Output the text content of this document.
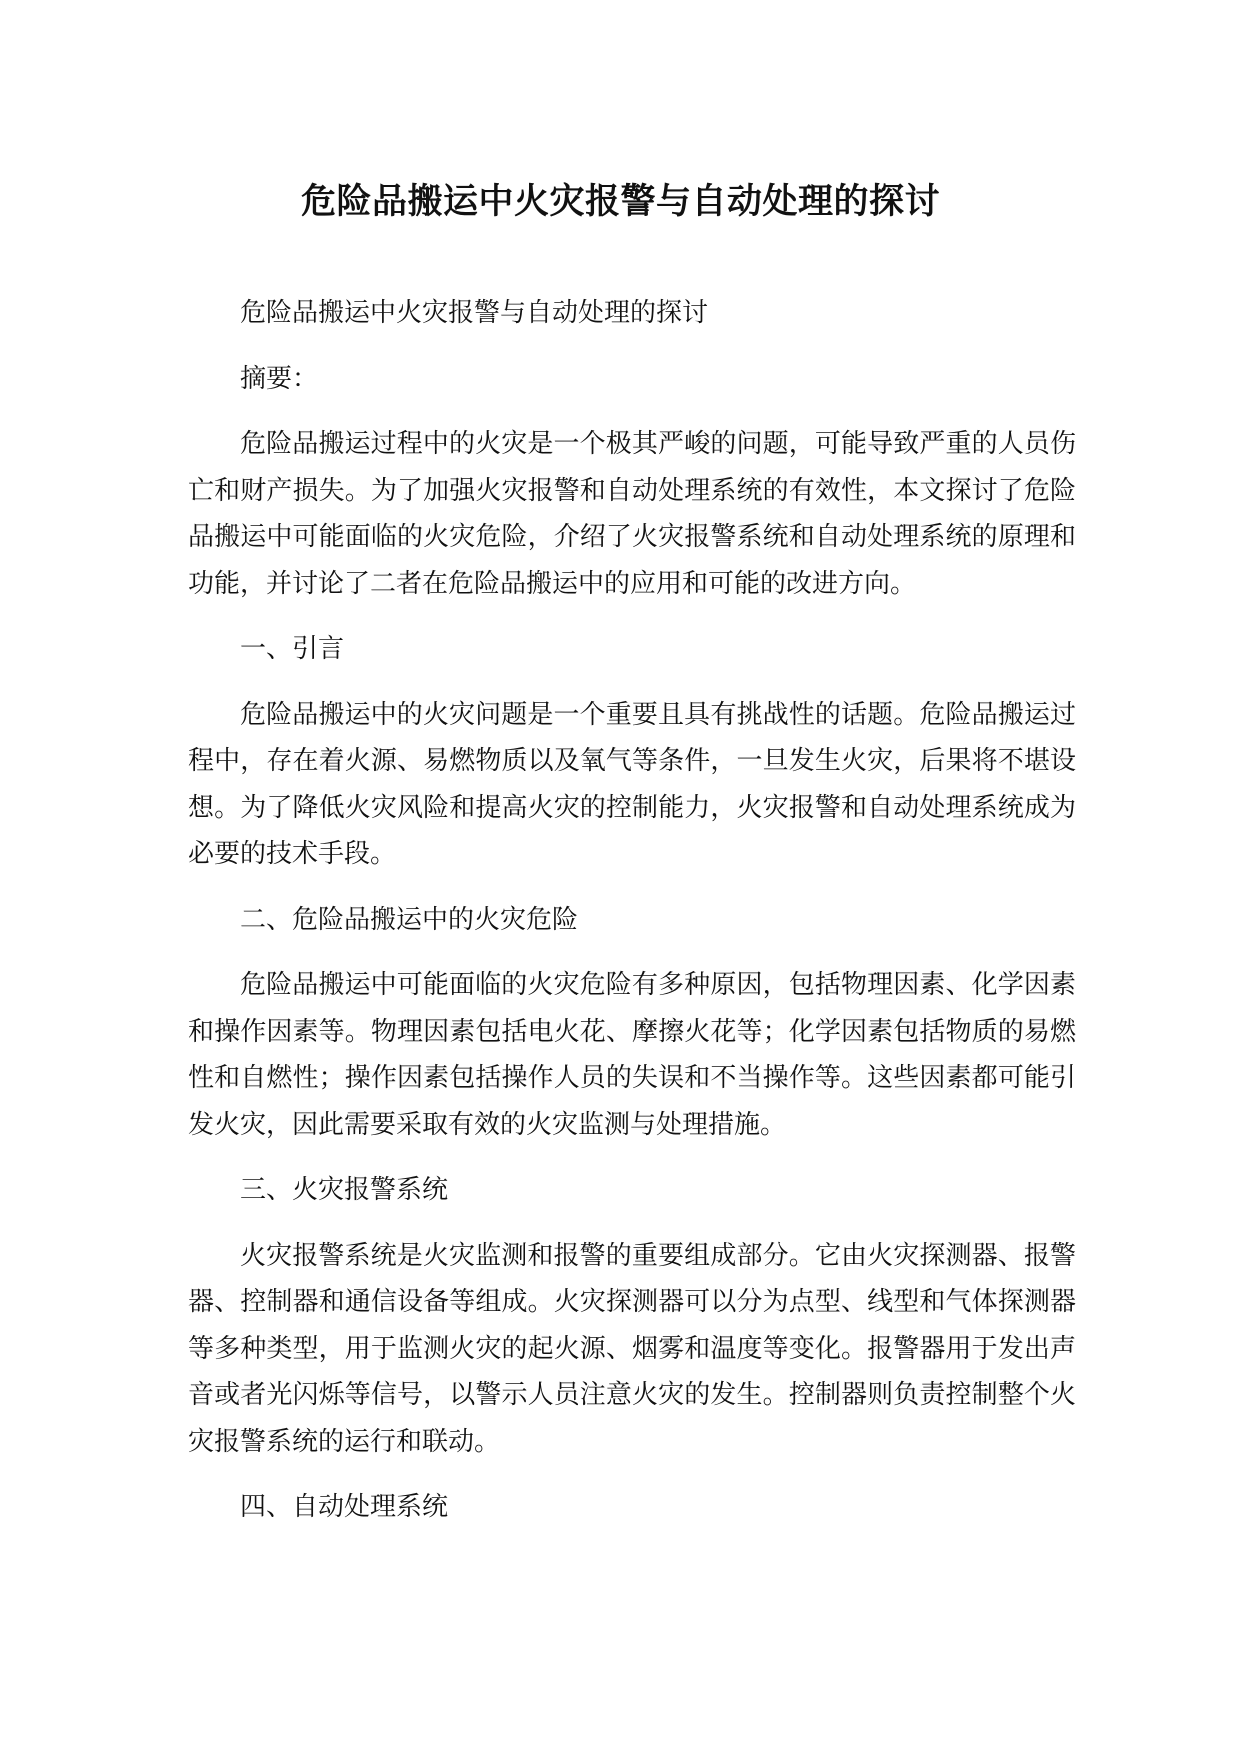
危险品搬运中火灾报警与自动处理的探讨

危险品搬运中火灾报警与自动处理的探讨

摘要：

危险品搬运过程中的火灾是一个极其严峻的问题，可能导致严重的人员伤亡和财产损失。为了加强火灾报警和自动处理系统的有效性，本文探讨了危险品搬运中可能面临的火灾危险，介绍了火灾报警系统和自动处理系统的原理和功能，并讨论了二者在危险品搬运中的应用和可能的改进方向。

一、引言

危险品搬运中的火灾问题是一个重要且具有挑战性的话题。危险品搬运过程中，存在着火源、易燃物质以及氧气等条件，一旦发生火灾，后果将不堪设想。为了降低火灾风险和提高火灾的控制能力，火灾报警和自动处理系统成为必要的技术手段。

二、危险品搬运中的火灾危险

危险品搬运中可能面临的火灾危险有多种原因，包括物理因素、化学因素和操作因素等。物理因素包括电火花、摩擦火花等；化学因素包括物质的易燃性和自燃性；操作因素包括操作人员的失误和不当操作等。这些因素都可能引发火灾，因此需要采取有效的火灾监测与处理措施。

三、火灾报警系统

火灾报警系统是火灾监测和报警的重要组成部分。它由火灾探测器、报警器、控制器和通信设备等组成。火灾探测器可以分为点型、线型和气体探测器等多种类型，用于监测火灾的起火源、烟雾和温度等变化。报警器用于发出声音或者光闪烁等信号，以警示人员注意火灾的发生。控制器则负责控制整个火灾报警系统的运行和联动。

四、自动处理系统
